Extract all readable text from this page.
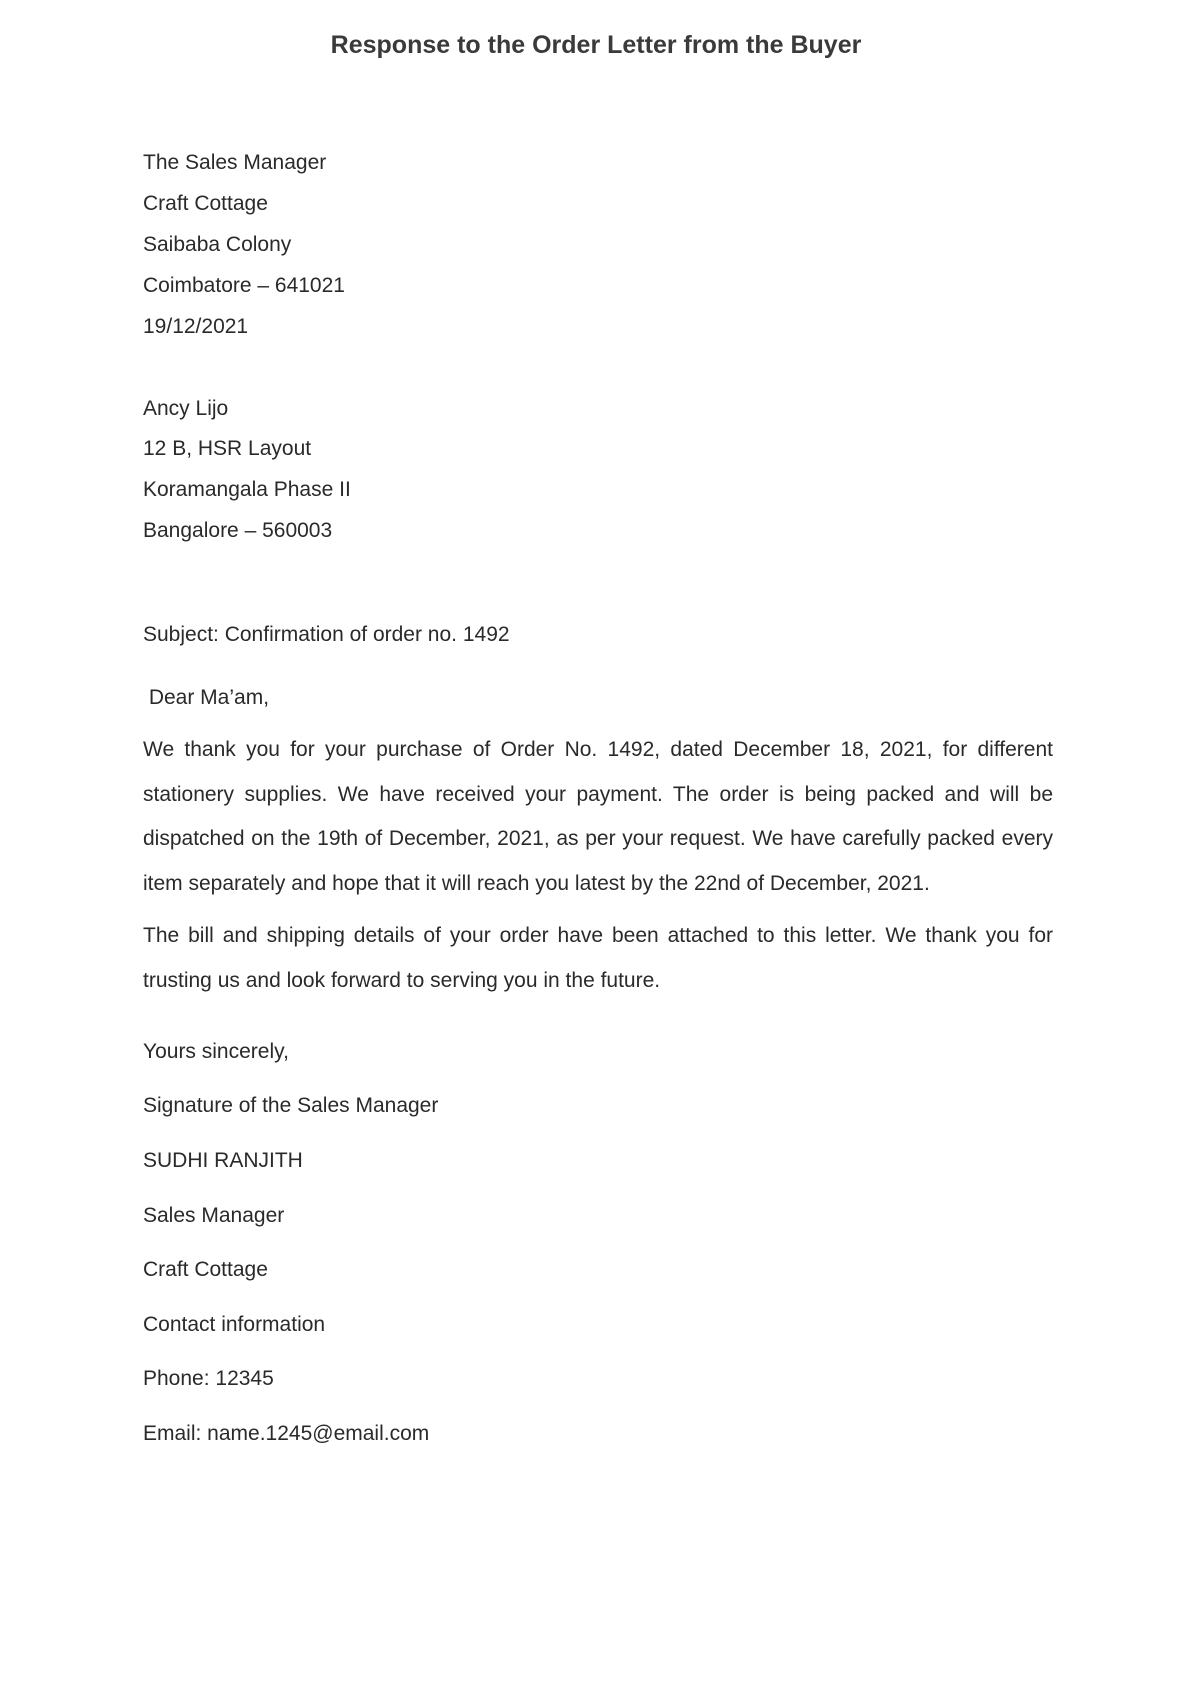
Response to the Order Letter from the Buyer
The Sales Manager
Craft Cottage
Saibaba Colony
Coimbatore – 641021
19/12/2021
Ancy Lijo
12 B, HSR Layout
Koramangala Phase II
Bangalore – 560003
Subject: Confirmation of order no. 1492
Dear Ma’am,
We thank you for your purchase of Order No. 1492, dated December 18, 2021, for different stationery supplies. We have received your payment. The order is being packed and will be dispatched on the 19th of December, 2021, as per your request. We have carefully packed every item separately and hope that it will reach you latest by the 22nd of December, 2021.
The bill and shipping details of your order have been attached to this letter. We thank you for trusting us and look forward to serving you in the future.
Yours sincerely,
Signature of the Sales Manager
SUDHI RANJITH
Sales Manager
Craft Cottage
Contact information
Phone: 12345
Email: name.1245@email.com
